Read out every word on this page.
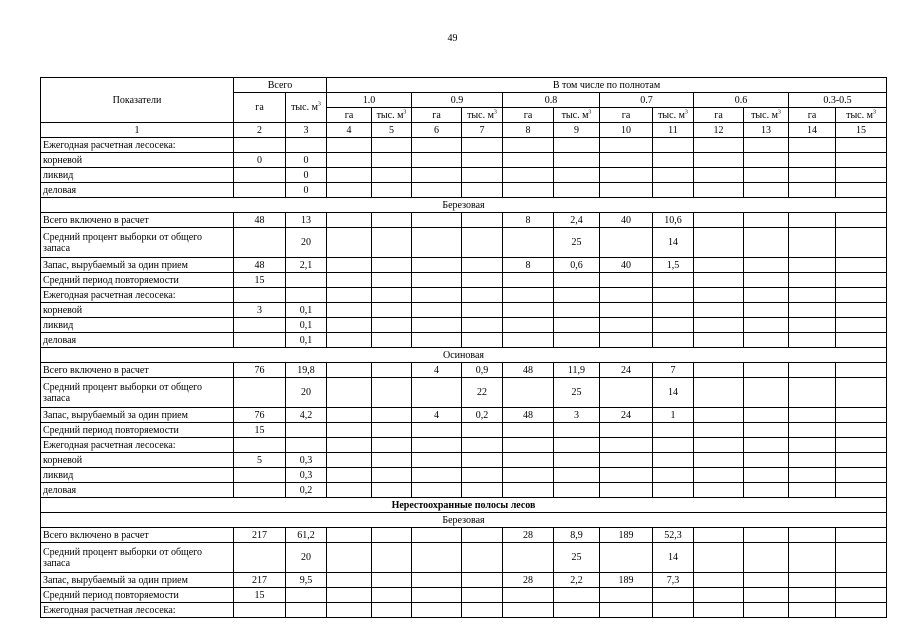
49
Показатели	Всего		В том числе по полнотам											
	га	тыс. $м^3$	1.0		0.9		0.8		0.7		0.6		0.3-0.5	
			га	тыс. $м^3$	га	тыс. $м^3$	га	тыс. $м^3$	га	тыс. $м^3$	га	тыс. $м^3$	га	тыс. $м^3$
1	2	3	4	5	6	7	8	9	10	11	12	13	14	15
Ежегодная расчетная лесосека:														
корневой	0	0												
ликвид		0												
деловая		0												
Березовая														
Всего включено в расчет	48	13					8	2,4	40	10,6				
Средний процент выборки от общего запаса		20						25		14				
Запас, вырубаемый за один прием	48	2,1					8	0,6	40	1,5				
Средний период повторяемости	15													
Ежегодная расчетная лесосека:														
корневой	3	0,1												
ликвид		0,1												
деловая		0,1												
Осиновая														
Всего включено в расчет	76	19,8			4	0,9	48	11,9	24	7				
Средний процент выборки от общего запаса		20				22		25		14				
Запас, вырубаемый за один прием	76	4,2			4	0,2	48	3	24	1				
Средний период повторяемости	15													
Ежегодная расчетная лесосека:														
корневой	5	0,3												
ликвид		0,3												
деловая		0,2												
Нерестоохранные полосы лесов														
Березовая														
Всего включено в расчет	217	61,2					28	8,9	189	52,3				
Средний процент выборки от общего запаса		20						25		14				
Запас, вырубаемый за один прием	217	9,5					28	2,2	189	7,3				
Средний период повторяемости	15													
Ежегодная расчетная лесосека:														
